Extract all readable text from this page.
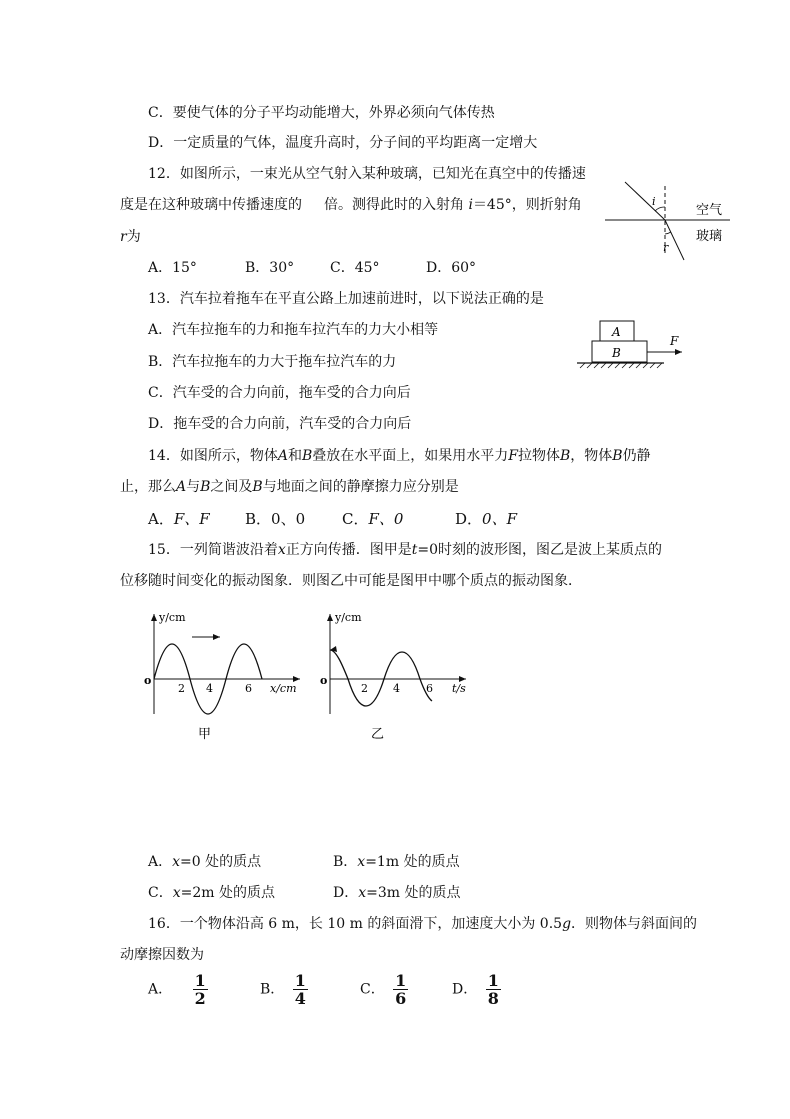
C．要使气体的分子平均动能增大，外界必须向气体传热
D．一定质量的气体，温度升高时，分子间的平均距离一定增大
12．如图所示，一束光从空气射入某种玻璃，已知光在真空中的传播速
度是在这种玻璃中传播速度的 倍。测得此时的入射角 i＝45°，则折射角
r为
A．15°	B．30°	C．45°	D．60°
i
r
空气
玻璃
13．汽车拉着拖车在平直公路上加速前进时，以下说法正确的是
A．汽车拉拖车的力和拖车拉汽车的力大小相等
B．汽车拉拖车的力大于拖车拉汽车的力
C．汽车受的合力向前，拖车受的合力向后
D．拖车受的合力向前，汽车受的合力向后
A
B
F
14．如图所示，物体A和B叠放在水平面上，如果用水平力F拉物体B，物体B仍静
止，那么A与B之间及B与地面之间的静摩擦力应分别是
A．F、F B．0、0 C．F、0	D．0、F
15．一列简谐波沿着x正方向传播．图甲是t=0时刻的波形图，图乙是波上某质点的
位移随时间变化的振动图象．则图乙中可能是图甲中哪个质点的振动图象．
y/cm
x/cm
o
2 4	6
甲
y/cm
t/s
o
2 4 6
乙
A．x=0 处的质点	B．x=1m 处的质点
C．x=2m 处的质点	D．x=3m 处的质点
16．一个物体沿高 6 m，长 10 m 的斜面滑下，加速度大小为 0.5g．则物体与斜面间的
动摩擦因数为
A． $\frac{1}{2}$	B． $\frac{1}{4}$	C． $\frac{1}{6}$	D． $\frac{1}{8}$
